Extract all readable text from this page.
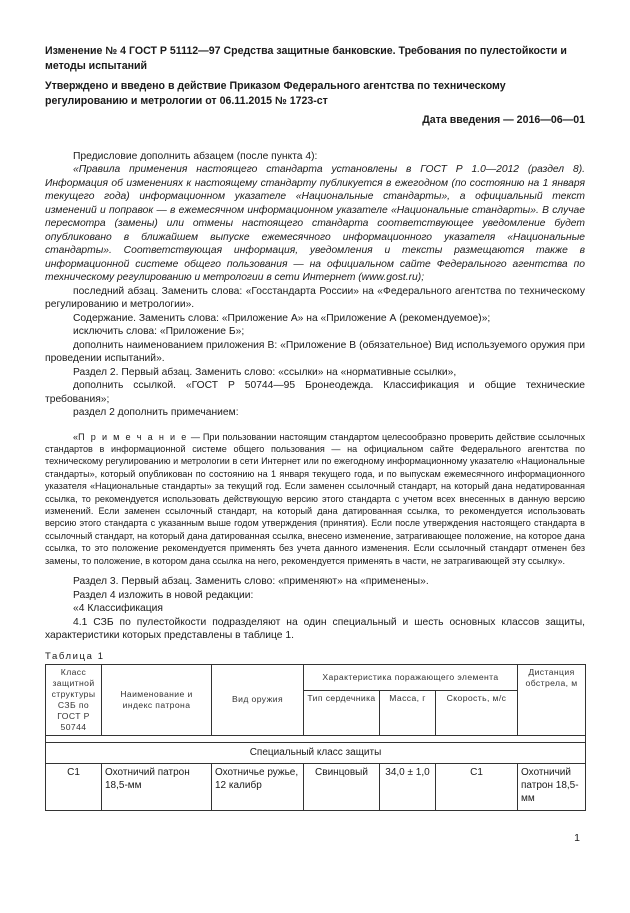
Изменение № 4 ГОСТ Р 51112—97 Средства защитные банковские. Требования по пулестойкости и методы испытаний

Утверждено и введено в действие Приказом Федерального агентства по техническому регулированию и метрологии от 06.11.2015 № 1723-ст

Дата введения — 2016—06—01

Предисловие дополнить абзацем (после пункта 4):

«Правила применения настоящего стандарта установлены в ГОСТ Р 1.0—2012 (раздел 8). Информация об изменениях к настоящему стандарту публикуется в ежегодном (по состоянию на 1 января текущего года) информационном указателе «Национальные стандарты», а официальный текст изменений и поправок — в ежемесячном информационном указателе «Национальные стандарты». В случае пересмотра (замены) или отмены настоящего стандарта соответствующее уведомление будет опубликовано в ближайшем выпуске ежемесячного информационного указателя «Национальные стандарты». Соответствующая информация, уведомления и тексты размещаются также в информационной системе общего пользования — на официальном сайте Федерального агентства по техническому регулированию и метрологии в сети Интернет (www.gost.ru);

последний абзац. Заменить слова: «Госстандарта России» на «Федерального агентства по техническому регулированию и метрологии».

Содержание. Заменить слова: «Приложение А» на «Приложение А (рекомендуемое)»;

исключить слова: «Приложение Б»;

дополнить наименованием приложения В: «Приложение В (обязательное) Вид используемого оружия при проведении испытаний».

Раздел 2. Первый абзац. Заменить слово: «ссылки» на «нормативные ссылки»,

дополнить ссылкой. «ГОСТ Р 50744—95 Бронеодежда. Классификация и общие технические требования»;

раздел 2 дополнить примечанием:

«П р и м е ч а н и е — При пользовании настоящим стандартом целесообразно проверить действие ссылочных стандартов в информационной системе общего пользования — на официальном сайте Федерального агентства по техническому регулированию и метрологии в сети Интернет или по ежегодному информационному указателю «Национальные стандарты», который опубликован по состоянию на 1 января текущего года, и по выпускам ежемесячного информационного указателя «Национальные стандарты» за текущий год. Если заменен ссылочный стандарт, на который дана недатированная ссылка, то рекомендуется использовать действующую версию этого стандарта с учетом всех внесенных в данную версию изменений. Если заменен ссылочный стандарт, на который дана датированная ссылка, то рекомендуется использовать версию этого стандарта с указанным выше годом утверждения (принятия). Если после утверждения настоящего стандарта в ссылочный стандарт, на который дана датированная ссылка, внесено изменение, затрагивающее положение, на которое дана ссылка, то это положение рекомендуется применять без учета данного изменения. Если ссылочный стандарт отменен без замены, то положение, в котором дана ссылка на него, рекомендуется применять в части, не затрагивающей эту ссылку».

Раздел 3. Первый абзац. Заменить слово: «применяют» на «применены».

Раздел 4 изложить в новой редакции:

«4 Классификация

4.1 СЗБ по пулестойкости подразделяют на один специальный и шесть основных классов защиты, характеристики которых представлены в таблице 1.

Таблица 1
Класс защитной структуры СЗБ по ГОСТ Р 50744	Наименование и индекс патрона	Вид оружия	Характеристика поражающего элемента			Дистанция обстрела, м
			Тип сердечника	Масса, г	Скорость, м/с	

Специальный класс защиты						
С1	Охотничий патрон 18,5-мм	Охотничье ружье, 12 калибр	Свинцовый	34,0 ± 1,0	С1	Охотничий патрон 18,5-мм
1
